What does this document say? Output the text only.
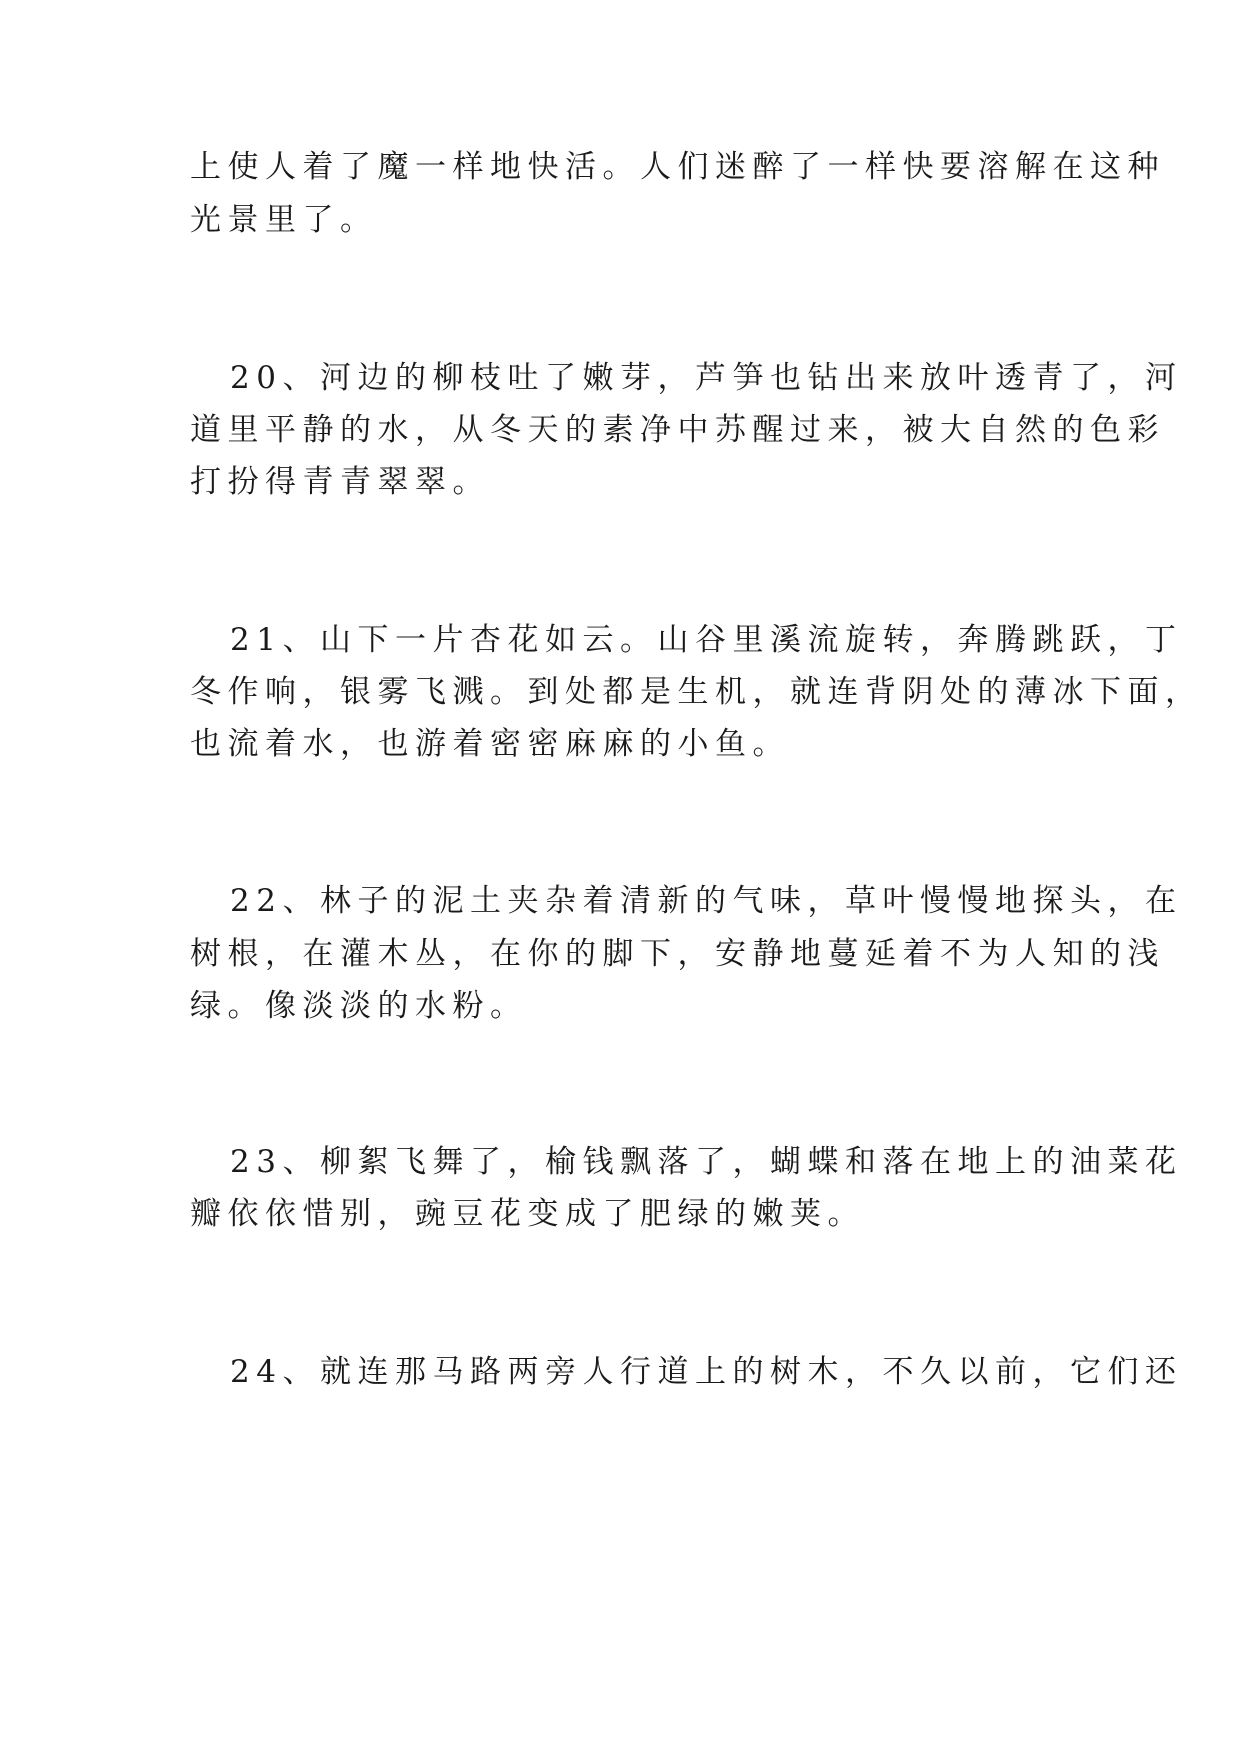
上使人着了魔一样地快活。人们迷醉了一样快要溶解在这种

光景里了。

20、河边的柳枝吐了嫩芽，芦笋也钻出来放叶透青了，河

道里平静的水，从冬天的素净中苏醒过来，被大自然的色彩

打扮得青青翠翠。

21、山下一片杏花如云。山谷里溪流旋转，奔腾跳跃，丁

冬作响，银雾飞溅。到处都是生机，就连背阴处的薄冰下面，

也流着水，也游着密密麻麻的小鱼。

22、林子的泥土夹杂着清新的气味，草叶慢慢地探头，在

树根，在灌木丛，在你的脚下，安静地蔓延着不为人知的浅

绿。像淡淡的水粉。

23、柳絮飞舞了，榆钱飘落了，蝴蝶和落在地上的油菜花

瓣依依惜别，豌豆花变成了肥绿的嫩荚。

24、就连那马路两旁人行道上的树木，不久以前，它们还
